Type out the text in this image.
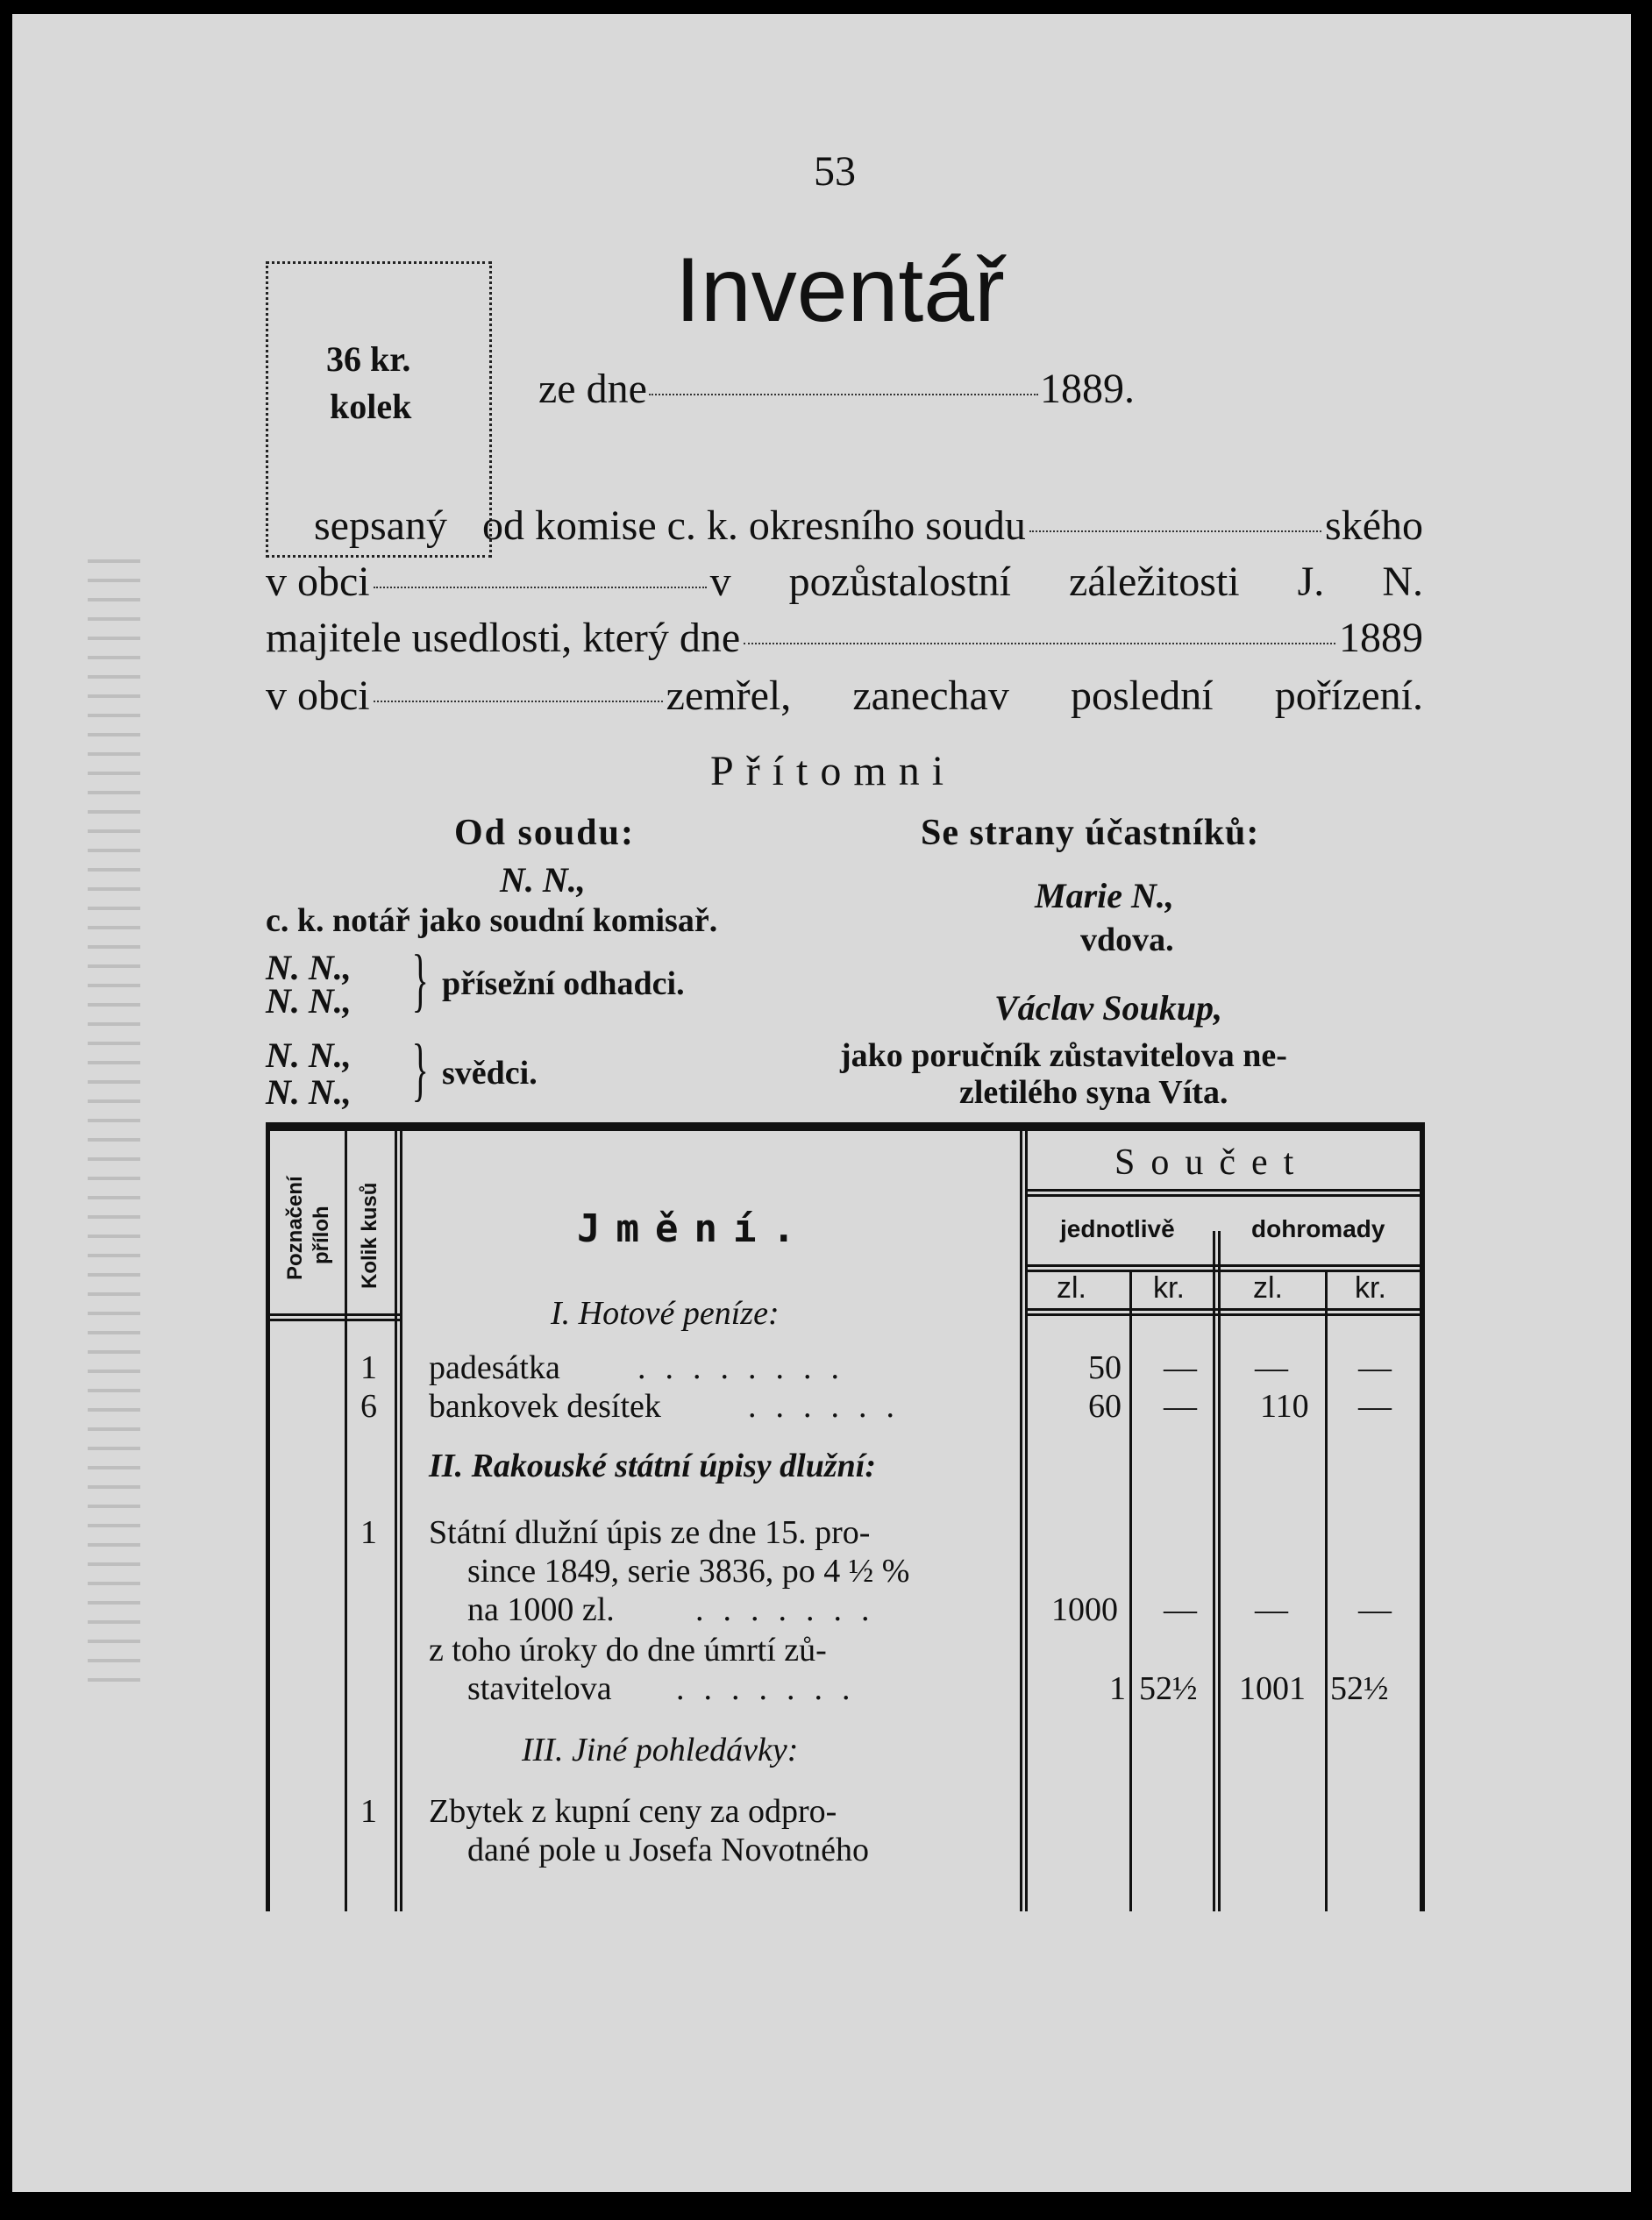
53
Inventář
36 kr.
kolek	ze dne	1889.
sepsaný od komise c. k. okresního soudu	ského
v obci	v pozůstalostní záležitosti J. N.
majitele usedlosti, který dne	1889
v obci	zemřel, zanechav poslední pořízení.
Přítomni
Od soudu:
N. N.,
c. k. notář jako soudní komisař.
N. N.,
N. N., } přísežní odhadci.
N. N.,
N. N., } svědci.
Se strany účastníků:
Marie N.,
vdova.
Václav Soukup,
jako poručník zůstavitelova ne-
zletilého syna Víta.
Poznačení příloh Kolik kusů	Jmění.
Součet
jednotlivě	dohromady
zl. kr. zl. kr.
I. Hotové peníze:
1 padesátka ........	50 — — —
6 bankovek desítek	......	60 — 110 —
II. Rakouské státní úpisy dlužní:
1 Státní dlužní úpis ze dne 15. pro-
since 1849, serie 3836, po 4 ½ %
na 1000 zl. .......	1000 — — —
z toho úroky do dne úmrtí zů-
stavitelova .......	1 52½ 1001 52½
III. Jiné pohledávky:
1 Zbytek z kupní ceny za odpro-
dané pole u Josefa Novotného
